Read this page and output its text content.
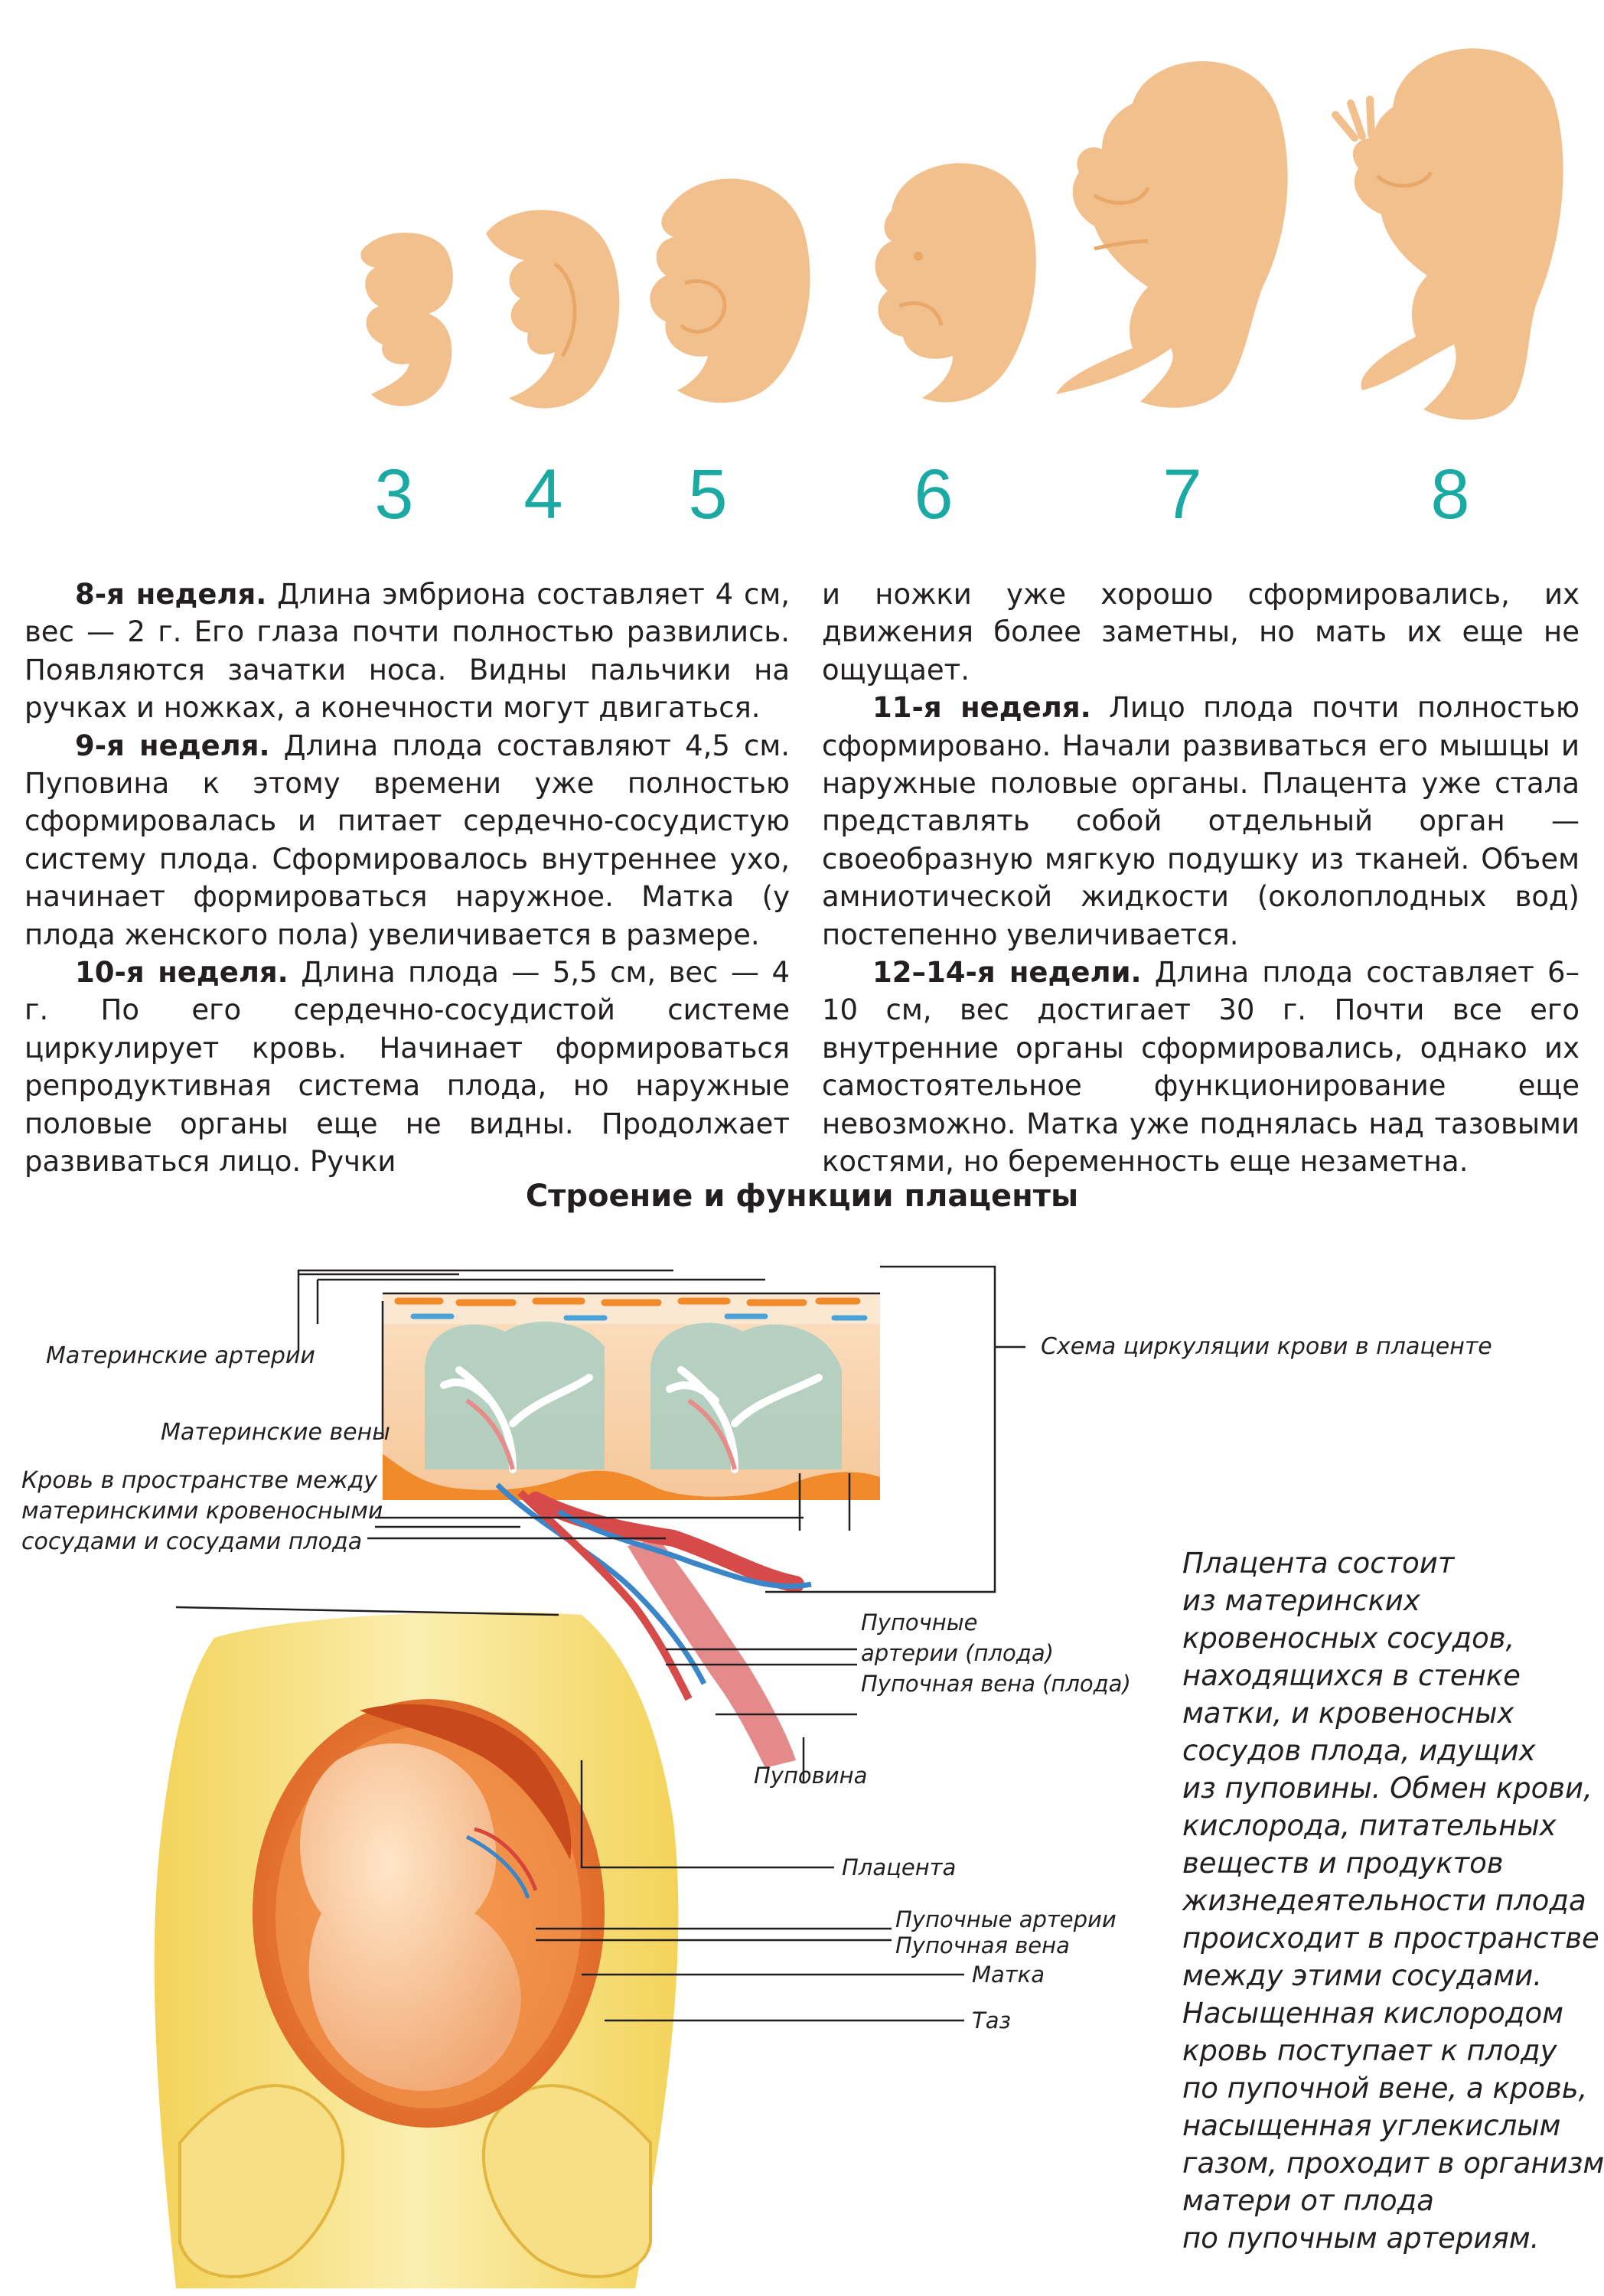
3	4	5	6	7	8

8-я неделя. Длина эмбриона составляет 4 см, вес — 2 г. Его глаза почти полностью развились. Появляются зачатки носа. Видны пальчики на ручках и ножках, а конечности могут двигаться.

9-я неделя. Длина плода составляют 4,5 см. Пуповина к этому времени уже полностью сформировалась и питает сердечно-сосудистую систему плода. Сформировалось внутреннее ухо, начинает формироваться наружное. Матка (у плода женского пола) увеличивается в размере.

10-я неделя. Длина плода — 5,5 см, вес — 4 г. По его сердечно-сосудистой системе циркулирует кровь. Начинает формироваться репродуктивная система плода, но наружные половые органы еще не видны. Продолжает развиваться лицо. Ручки

и ножки уже хорошо сформировались, их движения более заметны, но мать их еще не ощущает.

11-я неделя. Лицо плода почти полностью сформировано. Начали развиваться его мышцы и наружные половые органы. Плацента уже стала представлять собой отдельный орган — своеобразную мягкую подушку из тканей. Объем амниотической жидкости (околоплодных вод) постепенно увеличивается.

12–14-я недели. Длина плода составляет 6–10 см, вес достигает 30 г. Почти все его внутренние органы сформировались, однако их самостоятельное функционирование еще невозможно. Матка уже поднялась над тазовыми костями, но беременность еще незаметна.

Строение и функции плаценты
Материнские артерии
Материнские вены
Кровь в пространстве между
материнскими кровеносными
сосудами и сосудами плода
Схема циркуляции крови в плаценте
Пупочные
артерии (плода)
Пупочная вена (плода)
Пуповина
Плацента
Пупочные артерии
Пупочная вена
Матка
Таз
Плацента состоит
из материнских
кровеносных сосудов,
находящихся в стенке
матки, и кровеносных
сосудов плода, идущих
из пуповины. Обмен крови,
кислорода, питательных
веществ и продуктов
жизнедеятельности плода
происходит в пространстве
между этими сосудами.
Насыщенная кислородом
кровь поступает к плоду
по пупочной вене, а кровь,
насыщенная углекислым
газом, проходит в организм
матери от плода
по пупочным артериям.
